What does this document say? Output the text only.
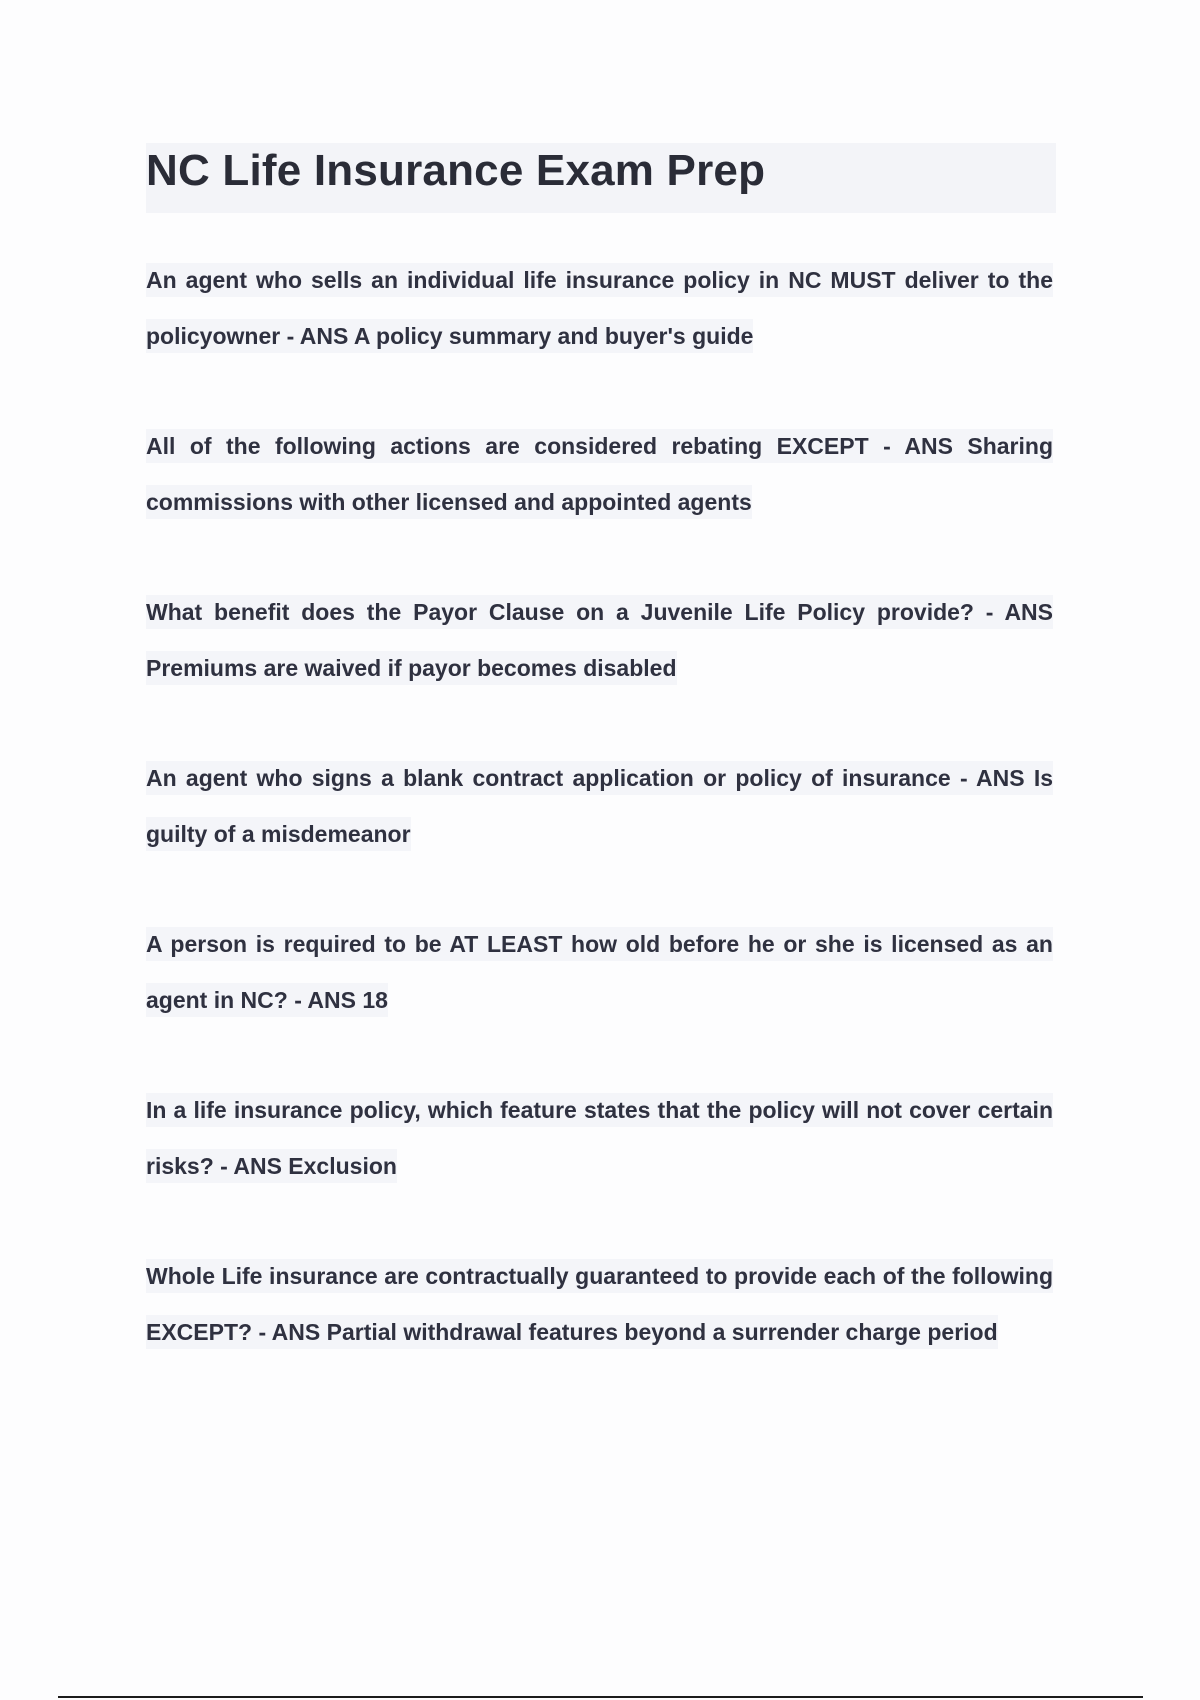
NC Life Insurance Exam Prep
An agent who sells an individual life insurance policy in NC MUST deliver to the policyowner - ANS A policy summary and buyer's guide
All of the following actions are considered rebating EXCEPT - ANS Sharing commissions with other licensed and appointed agents
What benefit does the Payor Clause on a Juvenile Life Policy provide? - ANS Premiums are waived if payor becomes disabled
An agent who signs a blank contract application or policy of insurance - ANS Is guilty of a misdemeanor
A person is required to be AT LEAST how old before he or she is licensed as an agent in NC? - ANS 18
In a life insurance policy, which feature states that the policy will not cover certain risks? - ANS Exclusion
Whole Life insurance are contractually guaranteed to provide each of the following EXCEPT? - ANS Partial withdrawal features beyond a surrender charge period
